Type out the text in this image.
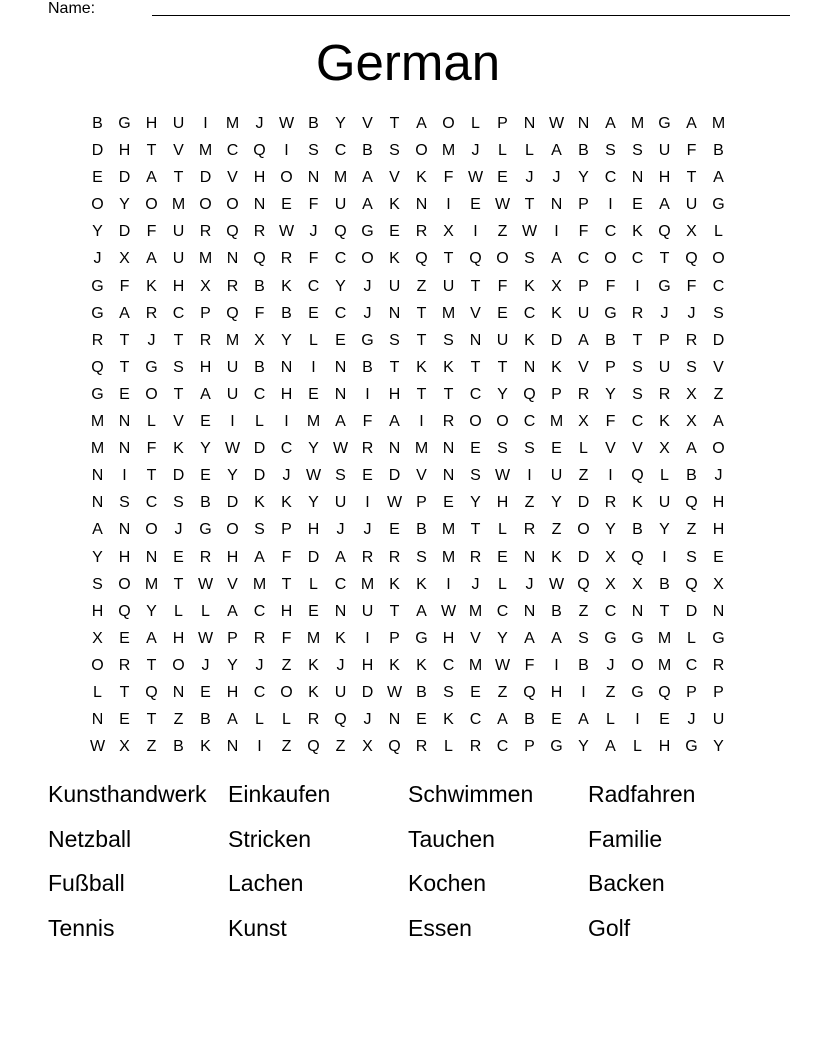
Name:
German
B G H U	I	M	J W B	Y	V	T	A O	L	P N W N A M G A M
D H	T	V M C Q	I	S C B	S O M	J	L	L	A	B	S	S U	F	B
E D A	T	D V H O N M A	V	K	F W E	J	J	Y C N H	T	A
O Y O M O O N E	F	U A	K N	I	E W T	N P	I	E	A U G
Y D	F	U R Q R W J	Q G E R X	I	Z W	I	F	C K Q X	L
J	X	A U M N Q R	F	C O K Q T Q O S	A C O C	T Q O
G F	K H X R B	K C Y	J	U	Z	U	T	F	K	X	P	F	I	G F	C
G A R C P Q F	B	E C	J	N	T M V	E C K U G R	J	J	S
R	T	J	T	R M X	Y	L	E G S	T	S N U K D A	B	T	P R D
Q T G S H U B N	I	N B	T	K	K	T	T	N K	V	P	S U S	V
G E O T	A U C H E N	I	H	T	T	C Y Q P R Y	S R X	Z
M N	L	V	E	I	L	I	M A	F	A	I	R O O C M X	F	C K	X	A
M N	F	K	Y W D C Y W R N M N E	S	S	E	L	V	V	X	A O
N	I	T	D E	Y D	J W S	E D V N S W	I	U	Z	I	Q	L	B	J
N S C S	B D K	K	Y U	I	W P	E	Y H	Z	Y D R K U Q H
A N O	J	G O S	P H	J	J	E	B M T	L	R	Z O Y	B	Y	Z	H
Y H N E R H A	F	D A R R S M R E N K D X Q	I	S	E
S O M T W V M T	L	C M K	K	I	J	L	J W Q X	X	B Q X
H Q Y	L	L	A C H E N U	T	A W M C N B	Z	C N	T	D N
X	E	A H W P R	F M K	I	P G H V	Y	A	A	S G G M L	G
O R	T O	J	Y	J	Z	K	J	H K	K C M W F	I	B	J	O M C R
L	T Q N E H C O K U D W B	S	E	Z Q H	I	Z G Q P	P
N E	T	Z	B	A	L	L	R Q	J	N E	K C A	B	E	A	L	I	E	J	U
W X	Z	B	K N	I	Z Q Z	X Q R	L	R C P G Y	A	L	H G Y
Kunsthandwerk Einkaufen	Schwimmen	Radfahren
Netzball	Stricken	Tauchen	Familie
Fußball	Lachen	Kochen	Backen
Tennis	Kunst	Essen	Golf
